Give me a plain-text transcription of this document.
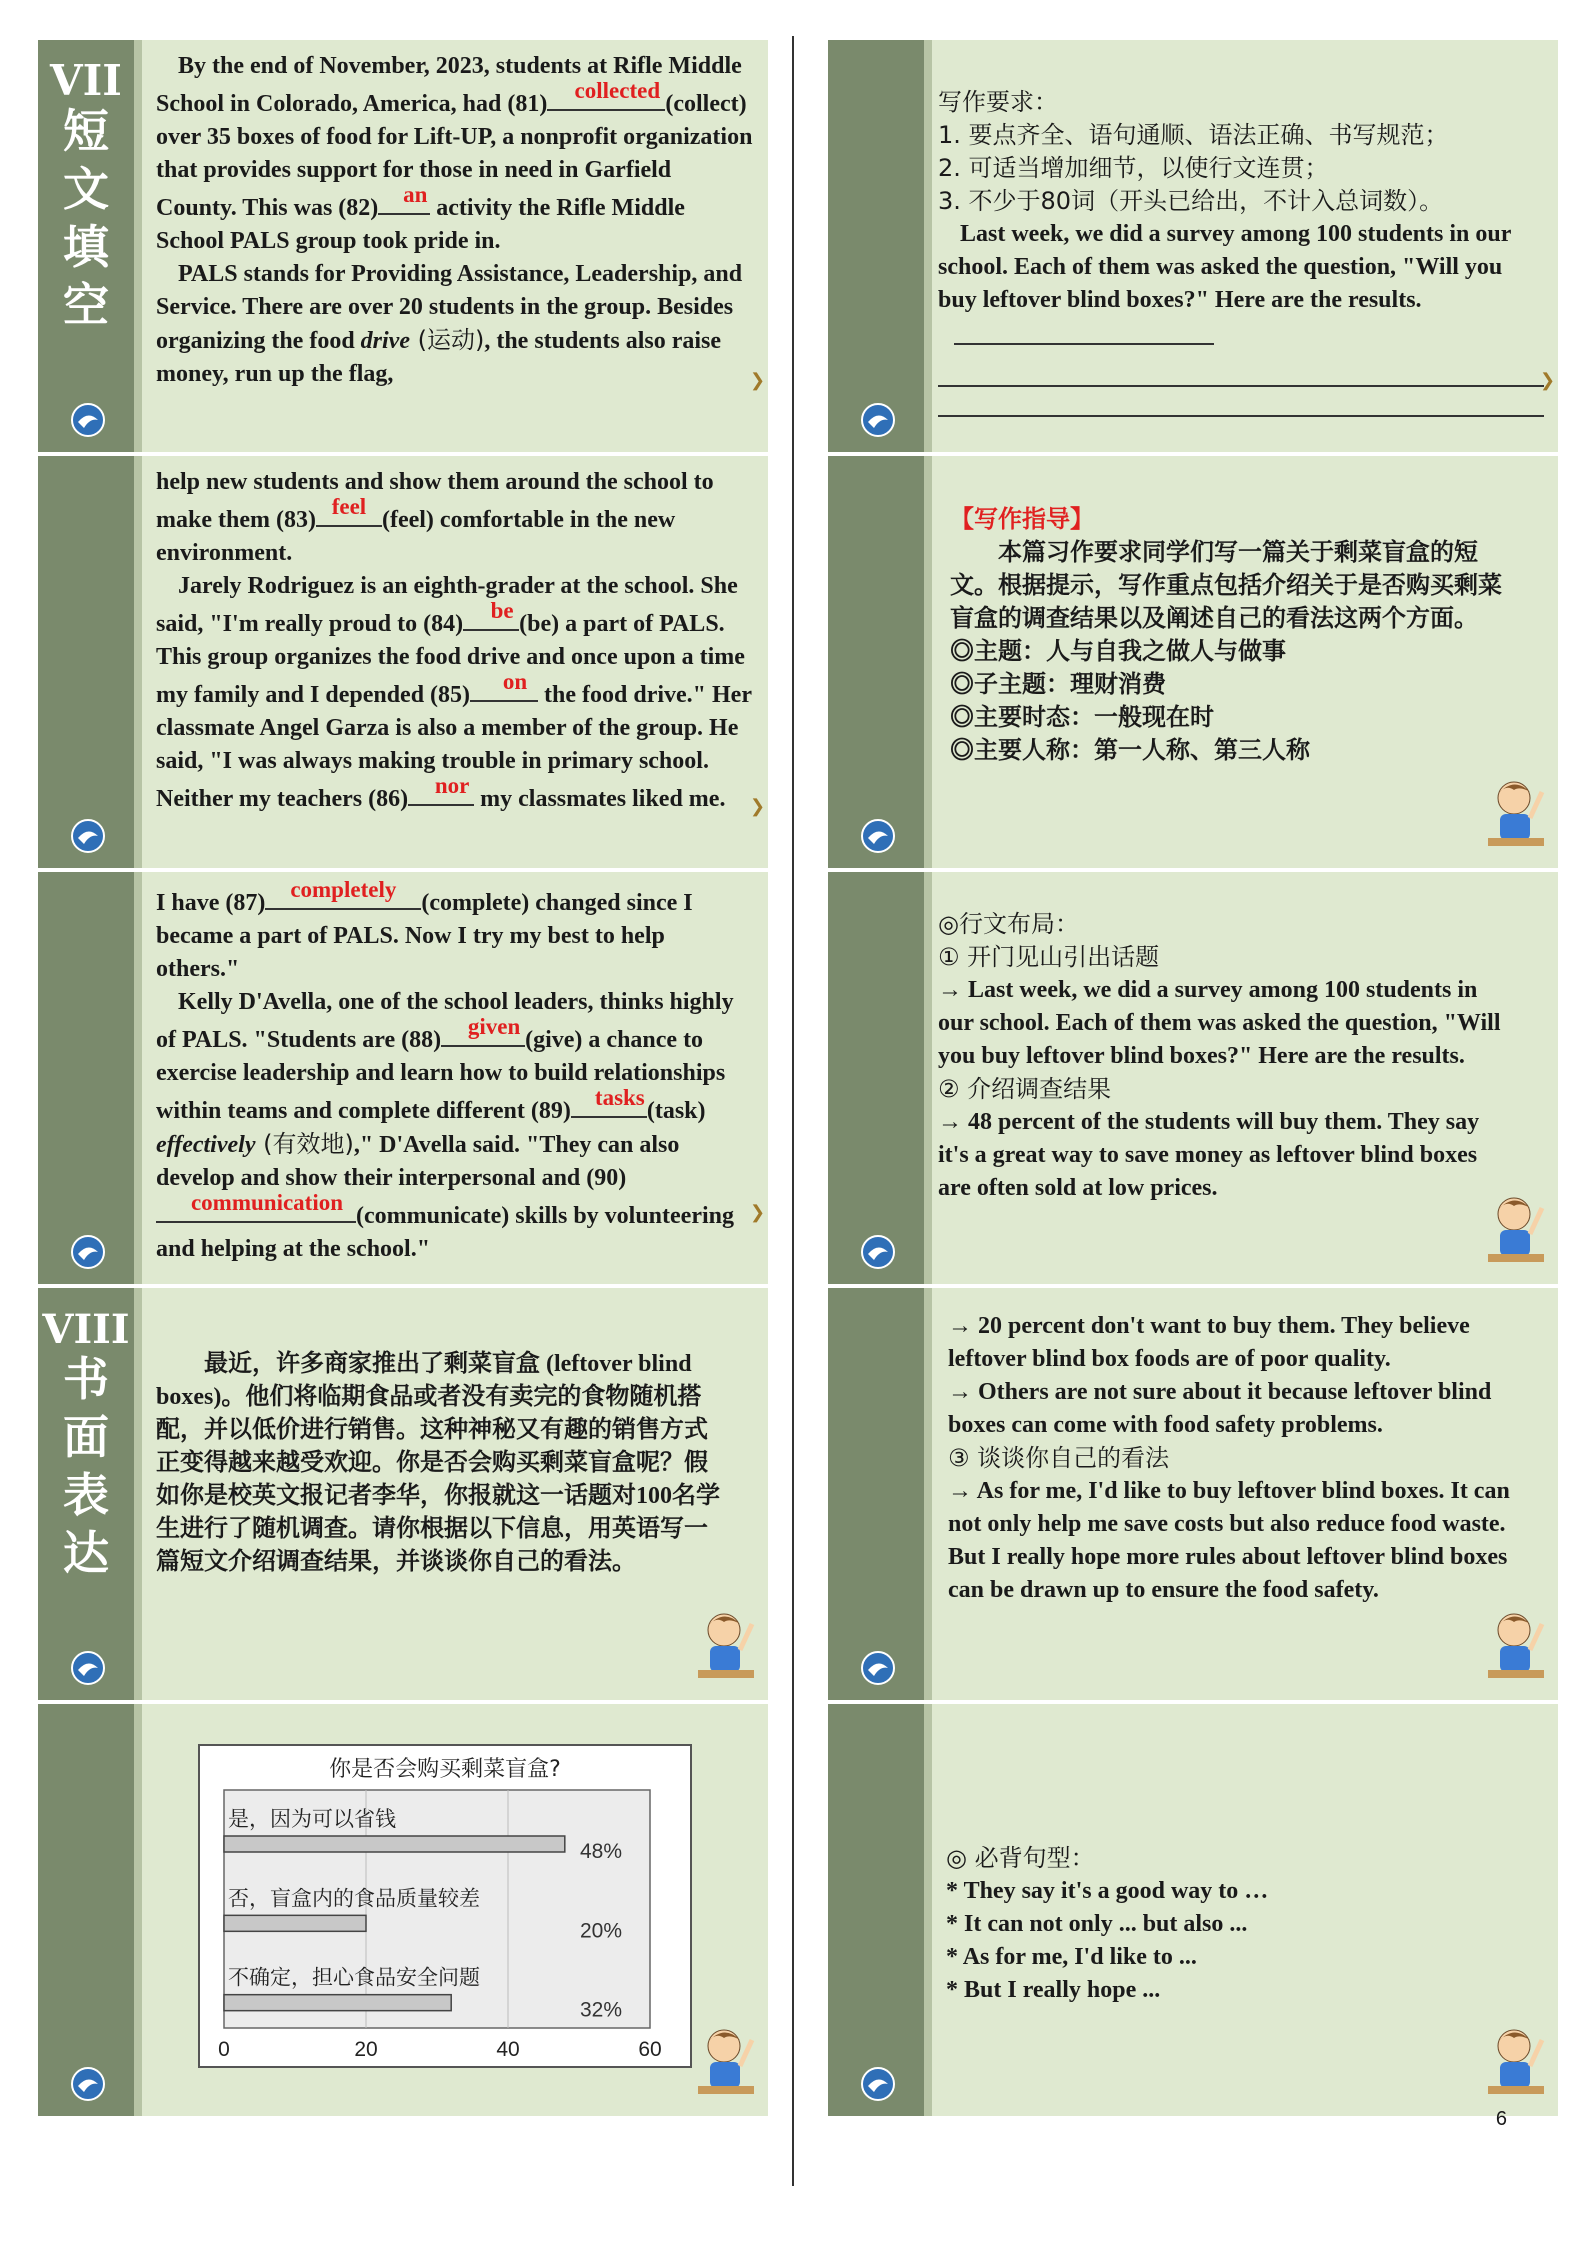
VII
短
文
填
空

By the end of November, 2023, students at Rifle Middle School in Colorado, America, had (81)
collected
(collect) over 35 boxes of food for Lift-UP, a nonprofit organization that provides support for those in need in Garfield County. This was (82)
an
activity the Rifle Middle School PALS group took pride in.

PALS stands for Providing Assistance, Leadership, and Service. There are over 20 students in the group. Besides organizing the food drive (运动), the students also raise money, run up the flag,	❯

help new students and show them around the school to make them (83)
feel
(feel) comfortable in the new environment.

Jarely Rodriguez is an eighth-grader at the school. She said, "I'm really proud to (84)
be
(be) a part of PALS. This group organizes the food drive and once upon a time my family and I depended (85)
on
the food drive." Her classmate Angel Garza is also a member of the group. He said, "I was always making trouble in primary school. Neither my teachers (86)
nor
my classmates liked me.	❯

I have (87)
completely
(complete) changed since I became a part of PALS. Now I try my best to help others."

Kelly D'Avella, one of the school leaders, thinks highly of PALS. "Students are (88)
given
(give) a chance to exercise leadership and learn how to build relationships within teams and complete different (89)
tasks
(task) effectively (有效地)," D'Avella said. "They can also develop and show their interpersonal and (90)
communication
(communicate) skills by volunteering and helping at the school."

❯
VIII
书
面
表
达

最近，许多商家推出了剩菜盲盒 (leftover blind boxes)。他们将临期食品或者没有卖完的食物随机搭配，并以低价进行销售。这种神秘又有趣的销售方式正变得越来越受欢迎。你是否会购买剩菜盲盒呢？假如你是校英文报记者李华，你报就这一话题对100名学生进行了随机调查。请你根据以下信息，用英语写一篇短文介绍调查结果，并谈谈你自己的看法。

你是否会购买剩菜盲盒?
是，因为可以省钱
48%
否，盲盒内的食品质量较差
20%
不确定，担心食品安全问题
32%
0	20	40	60

写作要求：

1. 要点齐全、语句通顺、语法正确、书写规范；

2. 可适当增加细节，以使行文连贯；

3. 不少于80词（开头已给出，不计入总词数）。

Last week, we did a survey among 100 students in our school. Each of them was asked the question, "Will you buy leftover blind boxes?" Here are the results.

❯

【写作指导】

本篇习作要求同学们写一篇关于剩菜盲盒的短文。根据提示，写作重点包括介绍关于是否购买剩菜盲盒的调查结果以及阐述自己的看法这两个方面。

◎主题：人与自我之做人与做事

◎子主题：理财消费

◎主要时态：一般现在时

◎主要人称：第一人称、第三人称

◎行文布局：

① 开门见山引出话题

→ Last week, we did a survey among 100 students in our school. Each of them was asked the question, "Will you buy leftover blind boxes?" Here are the results.

② 介绍调查结果

→ 48 percent of the students will buy them. They say it's a great way to save money as leftover blind boxes are often sold at low prices.

→ 20 percent don't want to buy them. They believe leftover blind box foods are of poor quality.

→ Others are not sure about it because leftover blind boxes can come with food safety problems.

③ 谈谈你自己的看法

→ As for me, I'd like to buy leftover blind boxes. It can not only help me save costs but also reduce food waste. But I really hope more rules about leftover blind boxes can be drawn up to ensure the food safety.

◎ 必背句型：

* They say it's a good way to …

* It can not only ... but also ...

* As for me, I'd like to ...

* But I really hope ...

6
